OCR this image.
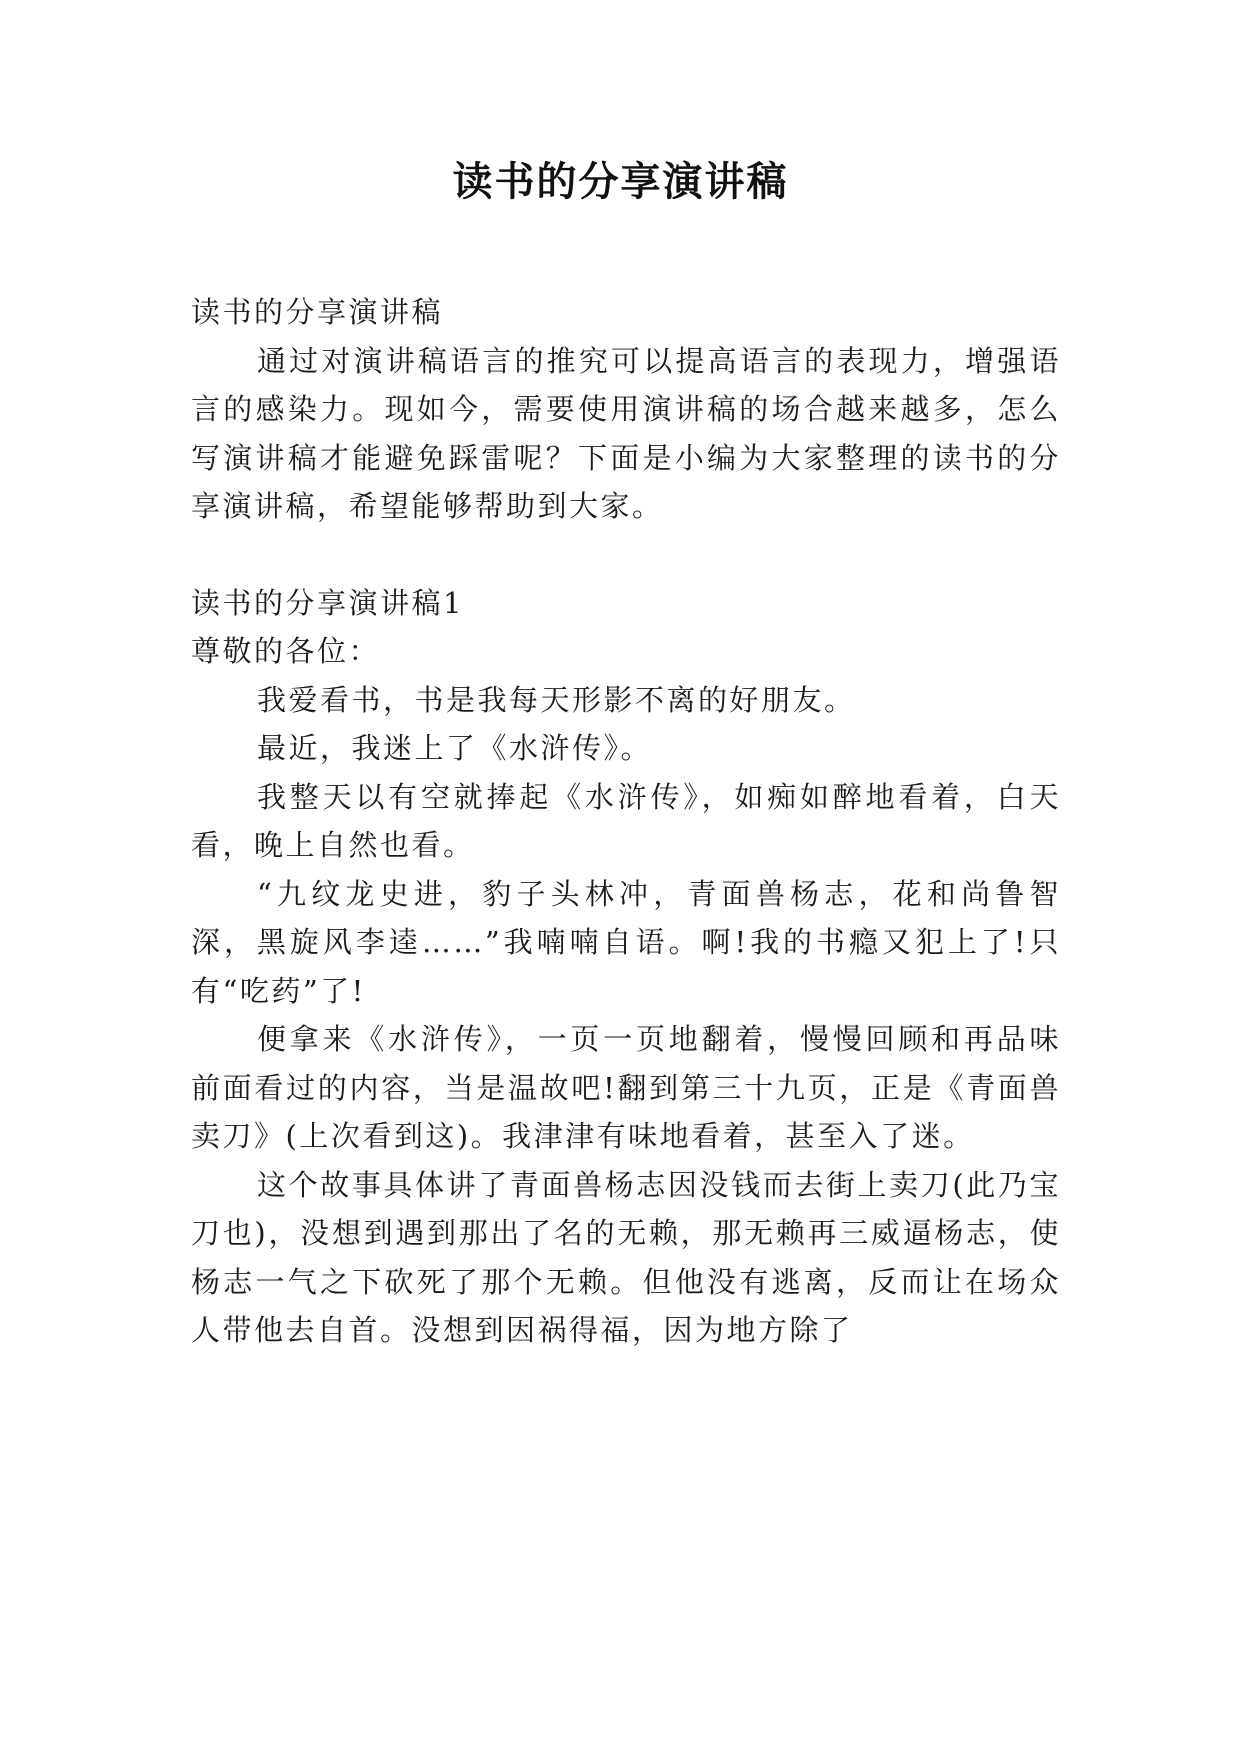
读书的分享演讲稿

读书的分享演讲稿

通过对演讲稿语言的推究可以提高语言的表现力，增强语言的感染力。现如今，需要使用演讲稿的场合越来越多，怎么写演讲稿才能避免踩雷呢？下面是小编为大家整理的读书的分享演讲稿，希望能够帮助到大家。

读书的分享演讲稿1

尊敬的各位：

我爱看书，书是我每天形影不离的好朋友。

最近，我迷上了《水浒传》。

我整天以有空就捧起《水浒传》，如痴如醉地看着，白天看，晚上自然也看。

“九纹龙史进，豹子头林冲，青面兽杨志，花和尚鲁智深，黑旋风李逵……”我喃喃自语。啊!我的书瘾又犯上了!只有“吃药”了!

便拿来《水浒传》，一页一页地翻着，慢慢回顾和再品味前面看过的内容，当是温故吧!翻到第三十九页，正是《青面兽卖刀》(上次看到这)。我津津有味地看着，甚至入了迷。

这个故事具体讲了青面兽杨志因没钱而去街上卖刀(此乃宝刀也)，没想到遇到那出了名的无赖，那无赖再三威逼杨志，使杨志一气之下砍死了那个无赖。但他没有逃离，反而让在场众人带他去自首。没想到因祸得福，因为地方除了
